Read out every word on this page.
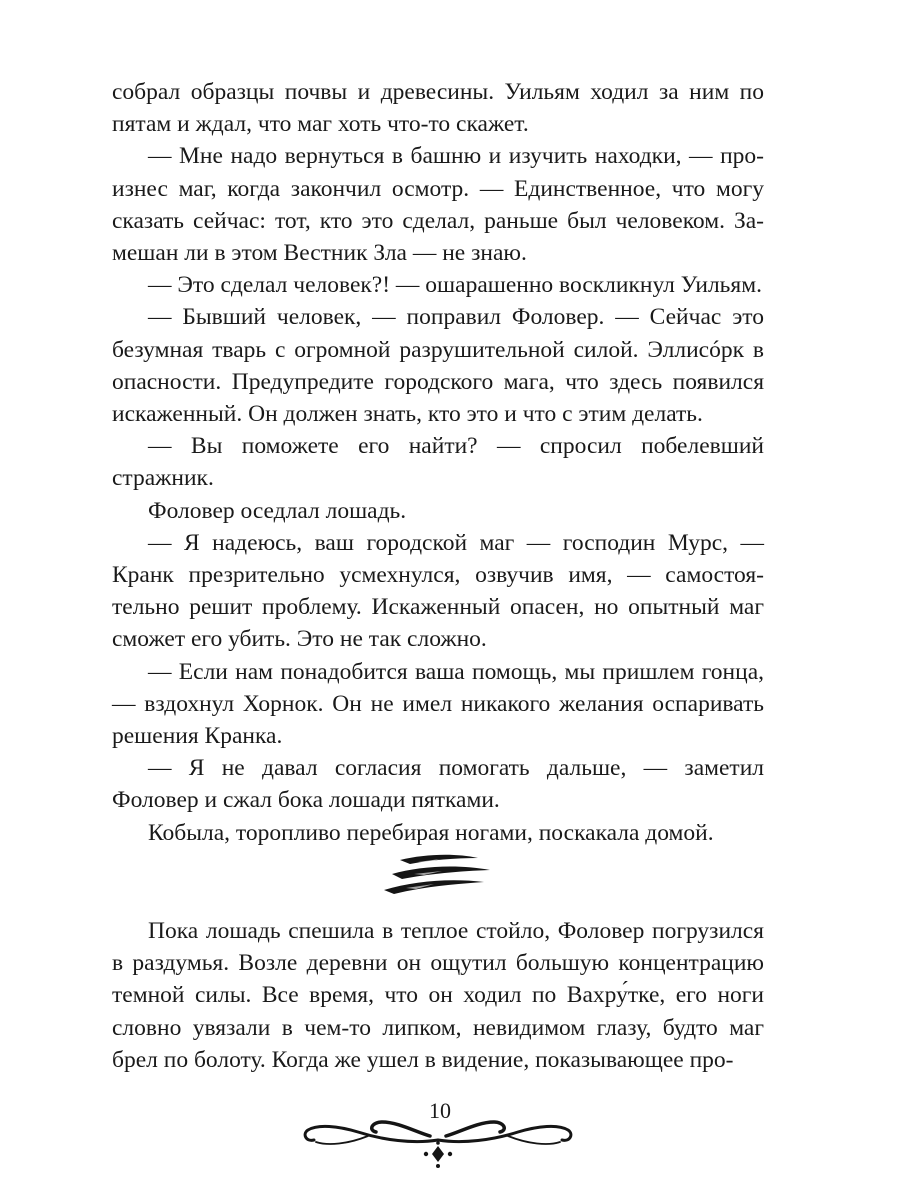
собрал образцы почвы и древесины. Уильям ходил за ним по пятам и ждал, что маг хоть что-то скажет.

— Мне надо вернуться в башню и изучить находки, — произнес маг, когда закончил осмотр. — Единственное, что могу сказать сейчас: тот, кто это сделал, раньше был человеком. Замешан ли в этом Вестник Зла — не знаю.

— Это сделал человек?! — ошарашенно воскликнул Уильям.

— Бывший человек, — поправил Фоловер. — Сейчас это безумная тварь с огромной разрушительной силой. Эллисóрк в опасности. Предупредите городского мага, что здесь появился искаженный. Он должен знать, кто это и что с этим делать.

— Вы поможете его найти? — спросил побелевший стражник.

Фоловер оседлал лошадь.

— Я надеюсь, ваш городской маг — господин Мурс, — Кранк презрительно усмехнулся, озвучив имя, — самостоятельно решит проблему. Искаженный опасен, но опытный маг сможет его убить. Это не так сложно.

— Если нам понадобится ваша помощь, мы пришлем гонца, — вздохнул Хорнок. Он не имел никакого желания оспаривать решения Кранка.

— Я не давал согласия помогать дальше, — заметил Фоловер и сжал бока лошади пятками.

Кобыла, торопливо перебирая ногами, поскакала домой.

Пока лошадь спешила в теплое стойло, Фоловер погрузился в раздумья. Возле деревни он ощутил большую концентрацию темной силы. Все время, что он ходил по Вахру́тке, его ноги словно увязали в чем-то липком, невидимом глазу, будто маг брел по болоту. Когда же ушел в видение, показывающее про-

10
